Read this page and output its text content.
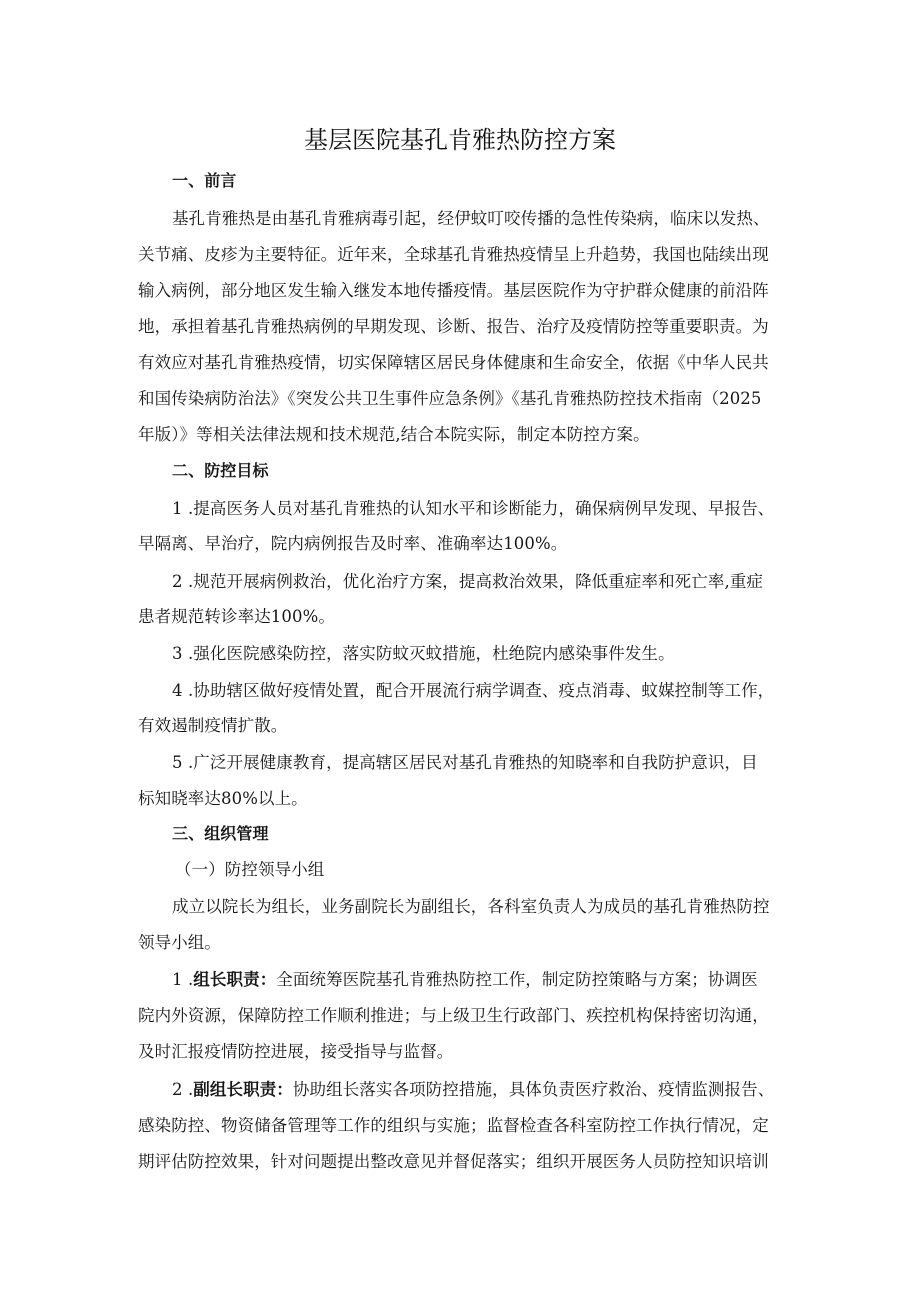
基层医院基孔肯雅热防控方案
一、前言
基孔肯雅热是由基孔肯雅病毒引起，经伊蚊叮咬传播的急性传染病，临床以发热、
关节痛、皮疹为主要特征。近年来，全球基孔肯雅热疫情呈上升趋势，我国也陆续出现
输入病例，部分地区发生输入继发本地传播疫情。基层医院作为守护群众健康的前沿阵
地，承担着基孔肯雅热病例的早期发现、诊断、报告、治疗及疫情防控等重要职责。为
有效应对基孔肯雅热疫情，切实保障辖区居民身体健康和生命安全，依据《中华人民共
和国传染病防治法》《突发公共卫生事件应急条例》《基孔肯雅热防控技术指南（2025
年版）》等相关法律法规和技术规范,结合本院实际，制定本防控方案。
二、防控目标
1 .提高医务人员对基孔肯雅热的认知水平和诊断能力，确保病例早发现、早报告、
早隔离、早治疗，院内病例报告及时率、准确率达100%。
2 .规范开展病例救治，优化治疗方案，提高救治效果，降低重症率和死亡率,重症
患者规范转诊率达100%。
3 .强化医院感染防控，落实防蚊灭蚊措施，杜绝院内感染事件发生。
4 .协助辖区做好疫情处置，配合开展流行病学调查、疫点消毒、蚊媒控制等工作，
有效遏制疫情扩散。
5 .广泛开展健康教育，提高辖区居民对基孔肯雅热的知晓率和自我防护意识，目
标知晓率达80%以上。
三、组织管理
（一）防控领导小组
成立以院长为组长，业务副院长为副组长，各科室负责人为成员的基孔肯雅热防控
领导小组。
1 .组长职责：全面统筹医院基孔肯雅热防控工作，制定防控策略与方案；协调医
院内外资源，保障防控工作顺利推进；与上级卫生行政部门、疾控机构保持密切沟通，
及时汇报疫情防控进展，接受指导与监督。
2 .副组长职责：协助组长落实各项防控措施，具体负责医疗救治、疫情监测报告、
感染防控、物资储备管理等工作的组织与实施；监督检查各科室防控工作执行情况，定
期评估防控效果，针对问题提出整改意见并督促落实；组织开展医务人员防控知识培训
